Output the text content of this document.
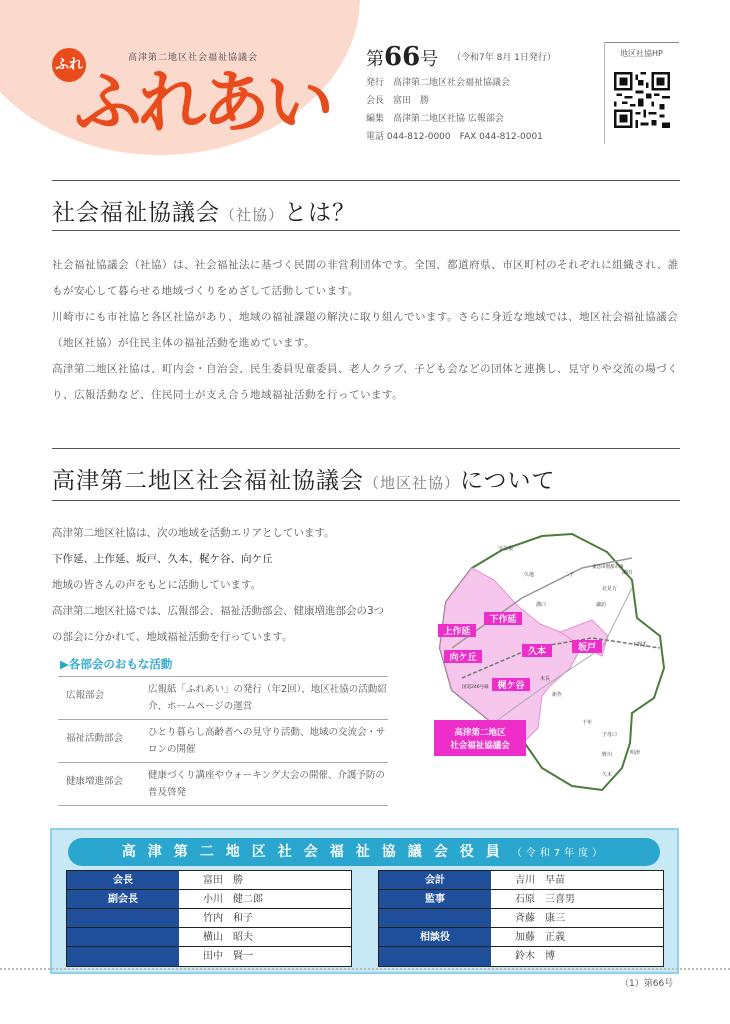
ふれ	高津第二地区社会福祉協議会
ふれあい
第66号 （令和7年 8月 1日発行）
発行　高津第二地区社会福祉協議会
会長　富田　勝
編集　高津第二地区社協 広報部会
電話 044-812-0000　FAX 044-812-0001
地区社協HP
社会福祉協議会（社協）とは？
社会福祉協議会（社協）は、社会福祉法に基づく民間の非営利団体です。全国、都道府県、市区町村のそれぞれに組織され、誰もが安心して暮らせる地域づくりをめざして活動しています。
川崎市にも市社協と各区社協があり、地域の福祉課題の解決に取り組んでいます。さらに身近な地域では、地区社会福祉協議会（地区社協）が住民主体の福祉活動を進めています。
高津第二地区社協は、町内会・自治会、民生委員児童委員、老人クラブ、子ども会などの団体と連携し、見守りや交流の場づくり、広報活動など、住民同士が支え合う地域福祉活動を行っています。
高津第二地区社会福祉協議会（地区社協）について
高津第二地区社協は、次の地域を活動エリアとしています。
下作延、上作延、坂戸、久本、梶ケ谷、向ケ丘
地域の皆さんの声をもとに活動しています。
高津第二地区社協では、広報部会、福祉活動部会、健康増進部会の3つの部会に分かれて、地域福祉活動を行っています。
▶各部会のおもな活動
広報部会
広報紙「ふれあい」の発行（年2回）、地区社協の活動紹介、ホームページの運営
福祉活動部会
ひとり暮らし高齢者への見守り活動、地域の交流会・サロンの開催
健康増進部会
健康づくり講座やウォーキング大会の開催、介護予防の普及啓発
宇奈根
久地
溝口
二子
諏訪
北見方
瀬田
末長
新作
千年
野川
子母口
久末
明津
下野毛
東急田園都市線
国道246号線
下作延
上作延
向ケ丘
久本	坂戸
梶ケ谷
高津第二地区
社会福祉協議会
高津第二地区社会福祉協議会役員（令和7年度）
会長	富田　勝
副会長	小川　健二郎
竹内　和子
横山　昭夫
田中　賢一
会計	吉川　早苗
監事	石原　三喜男
斉藤　康三
相談役	加藤　正義
鈴木　博
（1）第66号
